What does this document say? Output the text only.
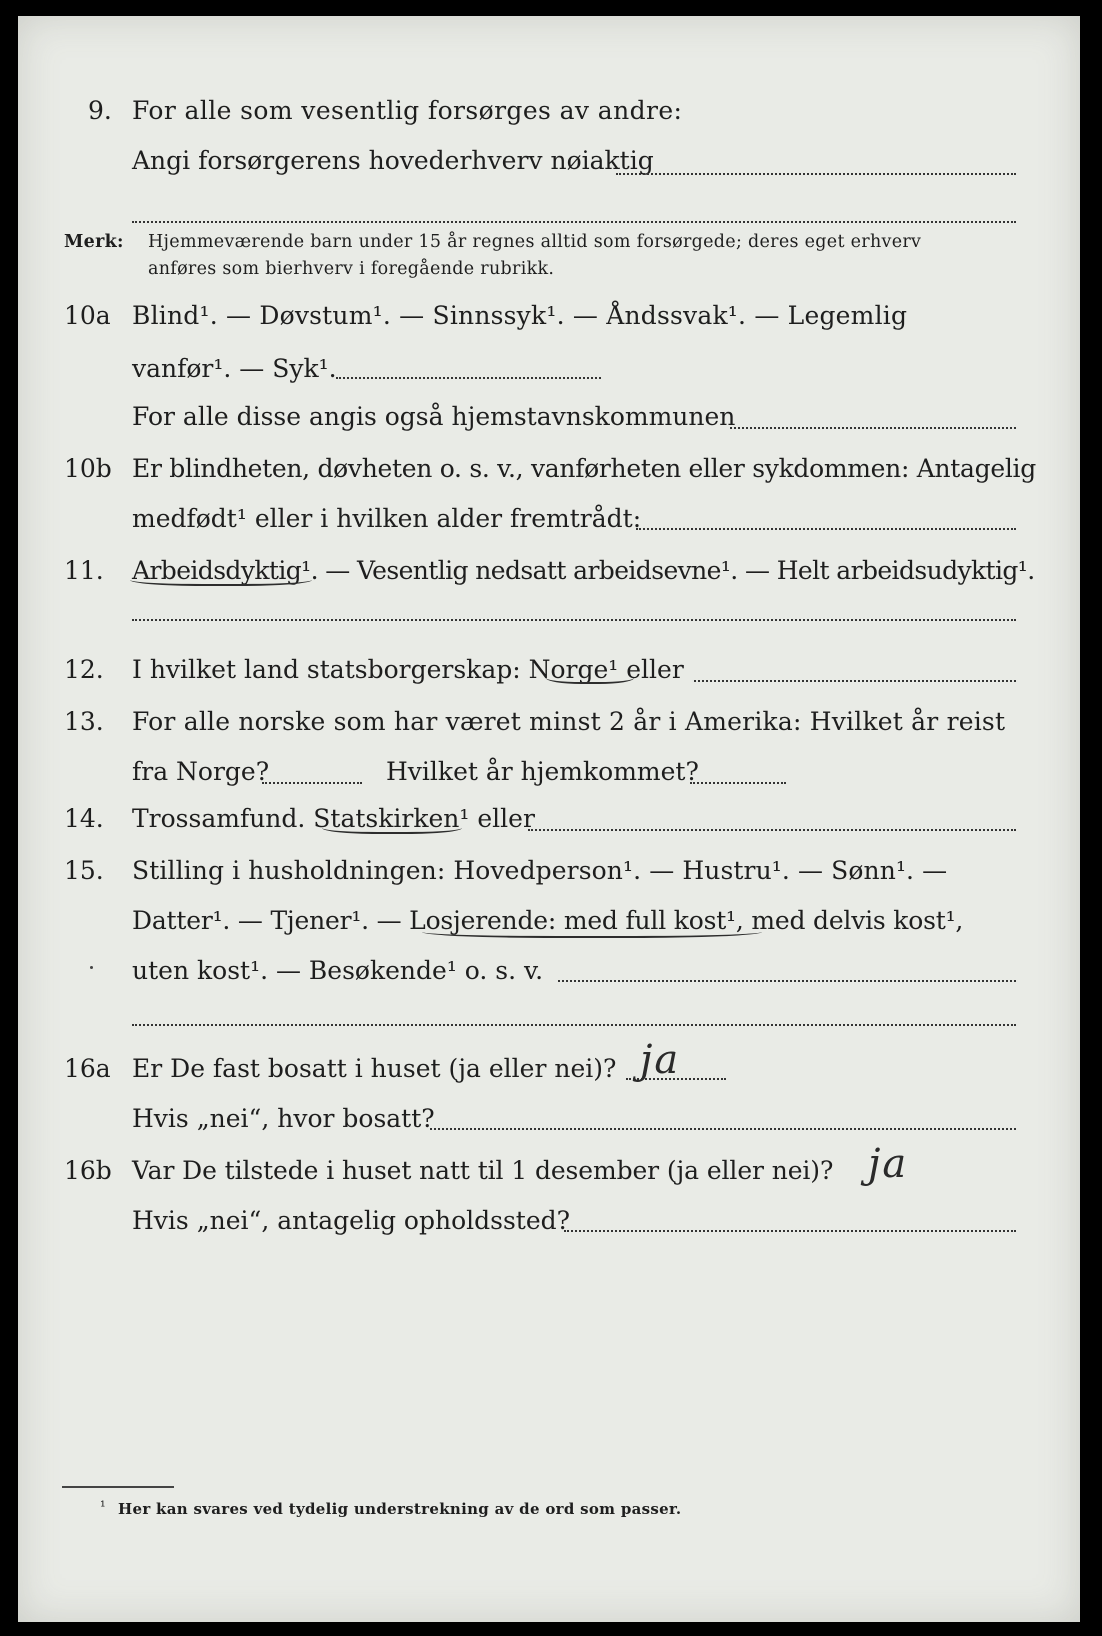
9. For alle som vesentlig forsørges av andre:
Angi forsørgerens hovederhverv nøiaktig
Merk: Hjemmeværende barn under 15 år regnes alltid som forsørgede; deres eget erhverv
anføres som bierhverv i foregående rubrikk.
10a Blind¹. — Døvstum¹. — Sinnssyk¹. — Åndssvak¹. — Legemlig
vanfør¹. — Syk¹.
For alle disse angis også hjemstavnskommunen
10b Er blindheten, døvheten o. s. v., vanførheten eller sykdommen: Antagelig
medfødt¹ eller i hvilken alder fremtrådt:
11. Arbeidsdyktig¹. — Vesentlig nedsatt arbeidsevne¹. — Helt arbeidsudyktig¹.
12. I hvilket land statsborgerskap: Norge¹ eller
13. For alle norske som har været minst 2 år i Amerika: Hvilket år reist
fra Norge?	Hvilket år hjemkommet?
14. Trossamfund. Statskirken¹ eller
15. Stilling i husholdningen: Hovedperson¹. — Hustru¹. — Sønn¹. —
Datter¹. — Tjener¹. — Losjerende: med full kost¹, med delvis kost¹,
uten kost¹. — Besøkende¹ o. s. v.
16a Er De fast bosatt i huset (ja eller nei)? ja
Hvis „nei“, hvor bosatt?
16b Var De tilstede i huset natt til 1 desember (ja eller nei)? ja
Hvis „nei“, antagelig opholdssted?
¹ Her kan svares ved tydelig understrekning av de ord som passer.
